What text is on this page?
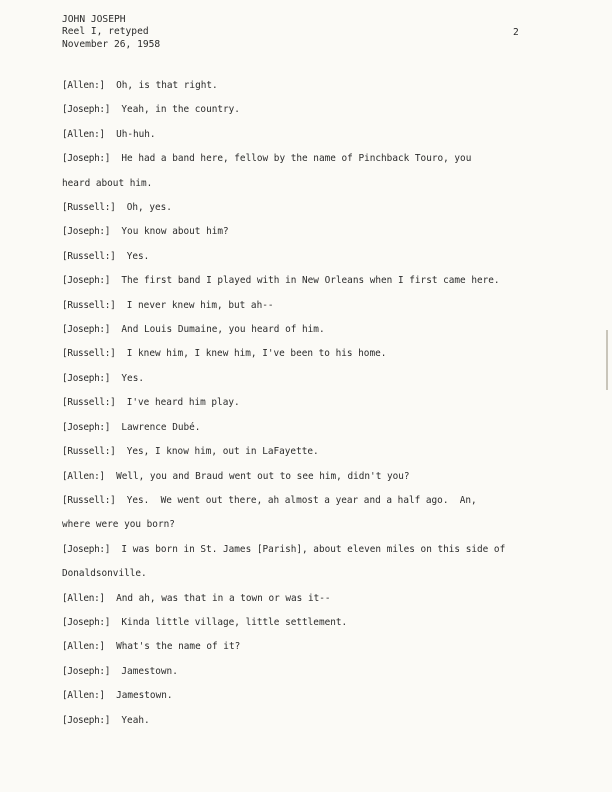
JOHN JOSEPH
Reel I, retyped
November 26, 1958
2
[Allen:] Oh, is that right.
[Joseph:] Yeah, in the country.
[Allen:] Uh-huh.
[Joseph:] He had a band here, fellow by the name of Pinchback Touro, you
heard about him.
[Russell:] Oh, yes.
[Joseph:] You know about him?
[Russell:] Yes.
[Joseph:] The first band I played with in New Orleans when I first came here.
[Russell:] I never knew him, but ah--
[Joseph:] And Louis Dumaine, you heard of him.
[Russell:] I knew him, I knew him, I've been to his home.
[Joseph:] Yes.
[Russell:] I've heard him play.
[Joseph:] Lawrence Dubé.
[Russell:] Yes, I know him, out in LaFayette.
[Allen:] Well, you and Braud went out to see him, didn't you?
[Russell:] Yes.  We went out there, ah almost a year and a half ago.  An,
where were you born?
[Joseph:] I was born in St. James [Parish], about eleven miles on this side of
Donaldsonville.
[Allen:] And ah, was that in a town or was it--
[Joseph:] Kinda little village, little settlement.
[Allen:] What's the name of it?
[Joseph:] Jamestown.
[Allen:] Jamestown.
[Joseph:] Yeah.
